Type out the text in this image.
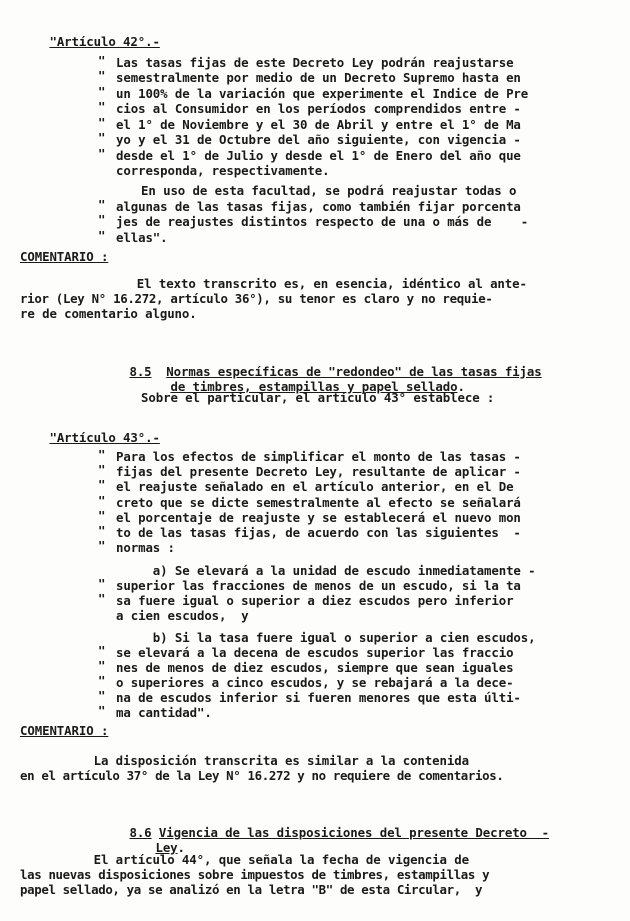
"Artículo 42°.-

Las tasas fijas de este Decreto Ley podrán reajustarse
semestralmente por medio de un Decreto Supremo hasta en
un 100% de la variación que experimente el Indice de Pre
cios al Consumidor en los períodos comprendidos entre -
el 1° de Noviembre y el 30 de Abril y entre el 1° de Ma
yo y el 31 de Octubre del año siguiente, con vigencia -
desde el 1° de Julio y desde el 1° de Enero del año que
corresponda, respectivamente.
En uso de esta facultad, se podrá reajustar todas o
algunas de las tasas fijas, como también fijar porcenta
jes de reajustes distintos respecto de una o más de    -
ellas".
COMENTARIO :
El texto transcrito es, en esencia, idéntico al ante-
rior (Ley N° 16.272, artículo 36°), su tenor es claro y no requie-
re de comentario alguno.

8.5 Normas específicas de "redondeo" de las tasas fijas

de timbres, estampillas y papel sellado.

Sobre el particular, el artículo 43° establece :

"Artículo 43°.-

Para los efectos de simplificar el monto de las tasas -
fijas del presente Decreto Ley, resultante de aplicar -
el reajuste señalado en el artículo anterior, en el De
creto que se dicte semestralmente al efecto se señalará
el porcentaje de reajuste y se establecerá el nuevo mon
to de las tasas fijas, de acuerdo con las siguientes  -
normas :
a) Se elevará a la unidad de escudo inmediatamente -
superior las fracciones de menos de un escudo, si la ta
sa fuere igual o superior a diez escudos pero inferior
a cien escudos,  y
b) Si la tasa fuere igual o superior a cien escudos,
se elevará a la decena de escudos superior las fraccio
nes de menos de diez escudos, siempre que sean iguales
o superiores a cinco escudos, y se rebajará a la dece-
na de escudos inferior si fueren menores que esta últi-
ma cantidad".
COMENTARIO :
La disposición transcrita es similar a la contenida
en el artículo 37° de la Ley N° 16.272 y no requiere de comentarios.

8.6 Vigencia de las disposiciones del presente Decreto  -

Ley.

El artículo 44°, que señala la fecha de vigencia de
las nuevas disposiciones sobre impuestos de timbres, estampillas y
papel sellado, ya se analizó en la letra "B" de esta Circular,  y
"
"
"
"
"
"
"
"
"
"
"
"
"
"
"
"
"
"
"
"
"
"
"
"
